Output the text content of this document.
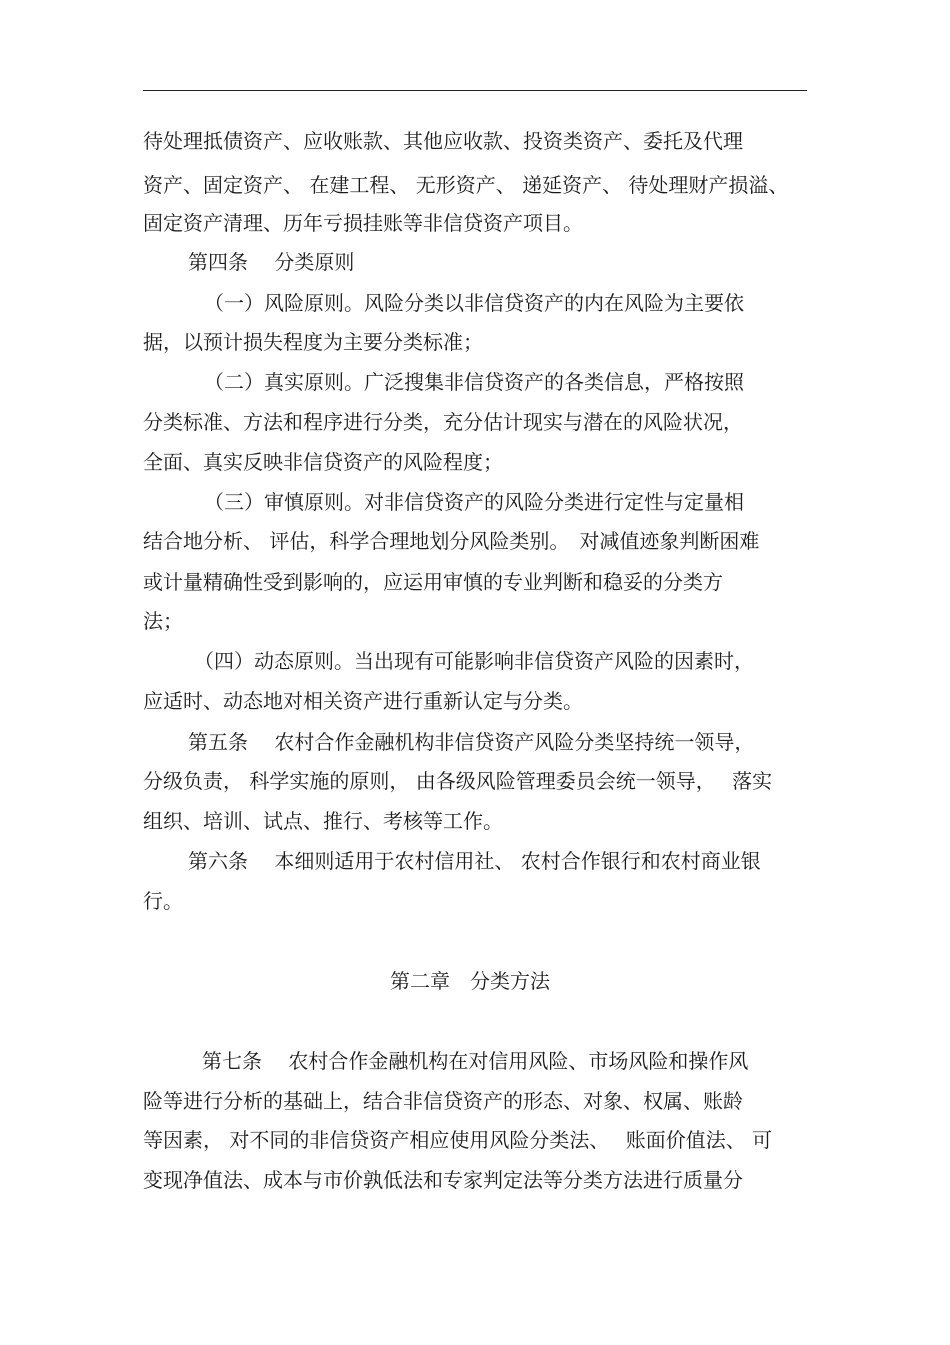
待处理抵债资产、应收账款、其他应收款、投资类资产、委托及代理
资产、固定资产、 在建工程、 无形资产、 递延资产、 待处理财产损溢、
固定资产清理、历年亏损挂账等非信贷资产项目。
第四条　 分类原则
（一）风险原则。风险分类以非信贷资产的内在风险为主要依
据，以预计损失程度为主要分类标准；
（二）真实原则。广泛搜集非信贷资产的各类信息，严格按照
分类标准、方法和程序进行分类，充分估计现实与潜在的风险状况，
全面、真实反映非信贷资产的风险程度；
（三）审慎原则。对非信贷资产的风险分类进行定性与定量相
结合地分析、 评估，科学合理地划分风险类别。　对减值迹象判断困难
或计量精确性受到影响的，应运用审慎的专业判断和稳妥的分类方
法；
（四）动态原则。当出现有可能影响非信贷资产风险的因素时，
应适时、动态地对相关资产进行重新认定与分类。
第五条　 农村合作金融机构非信贷资产风险分类坚持统一领导，
分级负责， 科学实施的原则， 由各级风险管理委员会统一领导，　 落实
组织、培训、试点、推行、考核等工作。
第六条　 本细则适用于农村信用社、 农村合作银行和农村商业银
行。
第二章　分类方法
第七条　 农村合作金融机构在对信用风险、市场风险和操作风
险等进行分析的基础上，结合非信贷资产的形态、对象、权属、账龄
等因素， 对不同的非信贷资产相应使用风险分类法、　 账面价值法、 可
变现净值法、成本与市价孰低法和专家判定法等分类方法进行质量分
